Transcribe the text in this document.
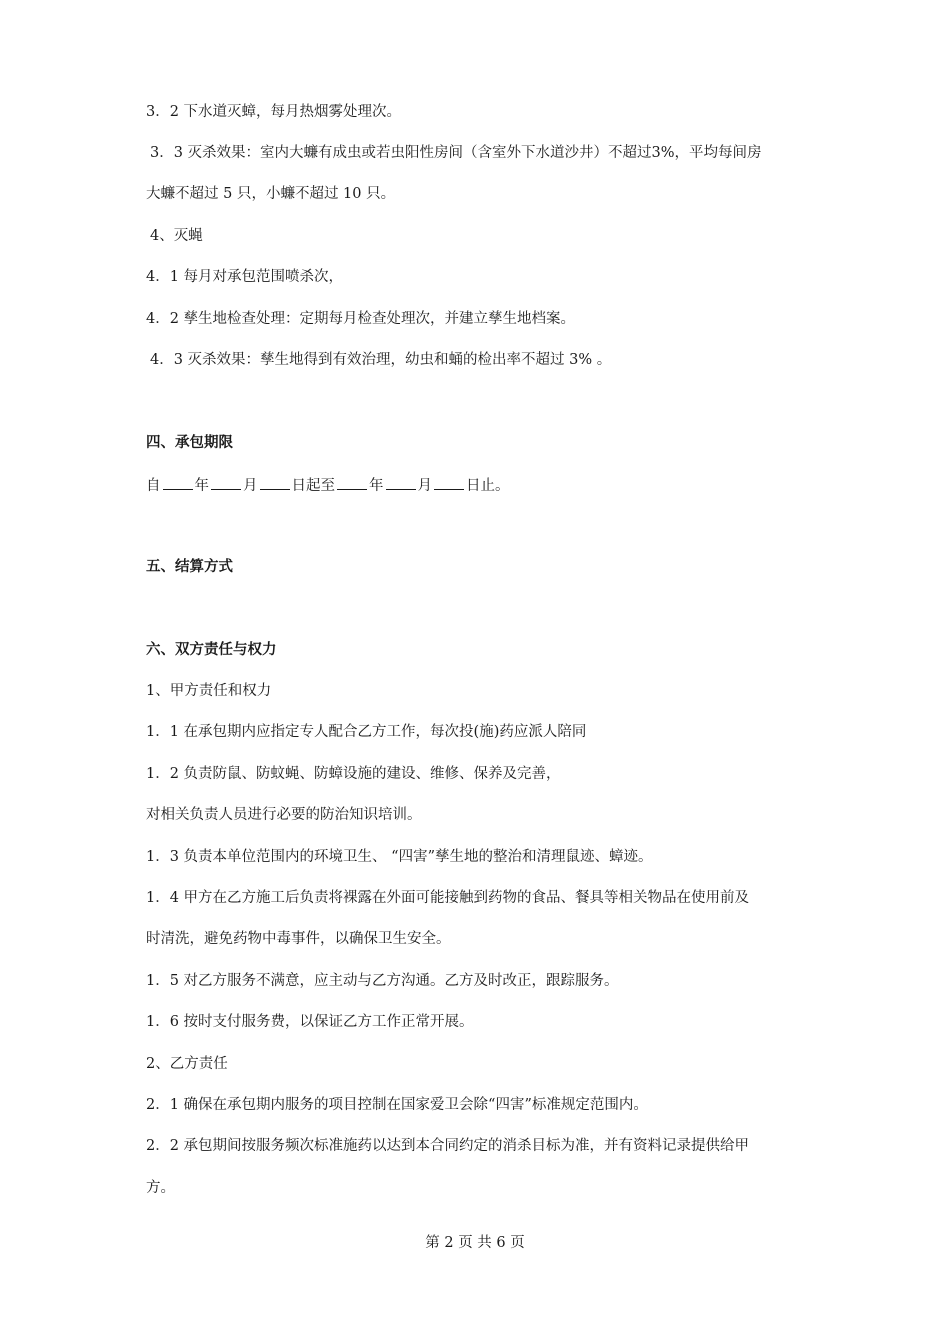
3．2 下水道灭蟑，每月热烟雾处理次。
3．3 灭杀效果：室内大蠊有成虫或若虫阳性房间（含室外下水道沙井）不超过3%，平均每间房
大蠊不超过 5 只，小蠊不超过 10 只。
4、灭蝇
4．1 每月对承包范围喷杀次，
4．2 孳生地检查处理：定期每月检查处理次，并建立孳生地档案。
4．3 灭杀效果：孳生地得到有效治理，幼虫和蛹的检出率不超过 3% 。
四、承包期限
自 年 月 日起至 年 月 日止。
五、结算方式
六、双方责任与权力
1、甲方责任和权力
1．1 在承包期内应指定专人配合乙方工作，每次投(施)药应派人陪同
1．2 负责防鼠、防蚊蝇、防蟑设施的建设、维修、保养及完善，
对相关负责人员进行必要的防治知识培训。
1．3 负责本单位范围内的环境卫生、 “四害”孳生地的整治和清理鼠迹、蟑迹。
1．4 甲方在乙方施工后负责将裸露在外面可能接触到药物的食品、餐具等相关物品在使用前及
时清洗，避免药物中毒事件，以确保卫生安全。
1．5 对乙方服务不满意，应主动与乙方沟通。乙方及时改正，跟踪服务。
1．6 按时支付服务费，以保证乙方工作正常开展。
2、乙方责任
2．1 确保在承包期内服务的项目控制在国家爱卫会除“四害”标准规定范围内。
2．2 承包期间按服务频次标准施药以达到本合同约定的消杀目标为准，并有资料记录提供给甲
方。
第 2 页 共 6 页
